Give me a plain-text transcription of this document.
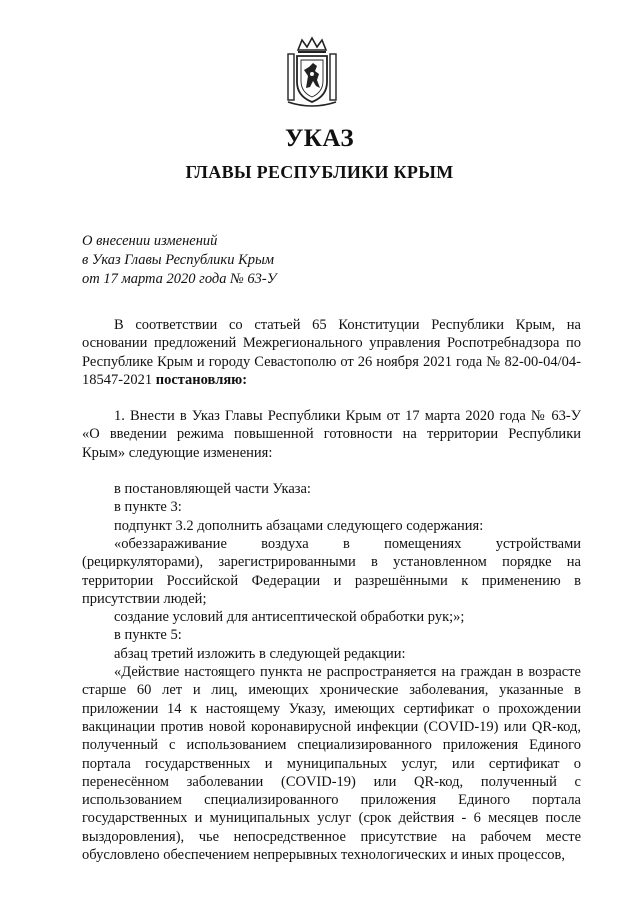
УКАЗ
ГЛАВЫ РЕСПУБЛИКИ КРЫМ
О внесении изменений
в Указ Главы Республики Крым
от 17 марта 2020 года № 63-У

В соответствии со статьей 65 Конституции Республики Крым, на основании предложений Межрегионального управления Роспотребнадзора по Республике Крым и городу Севастополю от 26 ноября 2021 года № 82-00-04/04-18547-2021 постановляю:

1. Внести в Указ Главы Республики Крым от 17 марта 2020 года № 63-У «О введении режима повышенной готовности на территории Республики Крым» следующие изменения:

в постановляющей части Указа:

в пункте 3:

подпункт 3.2 дополнить абзацами следующего содержания:

«обеззараживание воздуха в помещениях устройствами (рециркуляторами), зарегистрированными в установленном порядке на территории Российской Федерации и разрешёнными к применению в присутствии людей;

создание условий для антисептической обработки рук;»;

в пункте 5:

абзац третий изложить в следующей редакции:

«Действие настоящего пункта не распространяется на граждан в возрасте старше 60 лет и лиц, имеющих хронические заболевания, указанные в приложении 14 к настоящему Указу, имеющих сертификат о прохождении вакцинации против новой коронавирусной инфекции (COVID-19) или QR-код, полученный с использованием специализированного приложения Единого портала государственных и муниципальных услуг, или сертификат о перенесённом заболевании (COVID-19) или QR-код, полученный с использованием специализированного приложения Единого портала государственных и муниципальных услуг (срок действия - 6 месяцев после выздоровления), чье непосредственное присутствие на рабочем месте обусловлено обеспечением непрерывных технологических и иных процессов,
